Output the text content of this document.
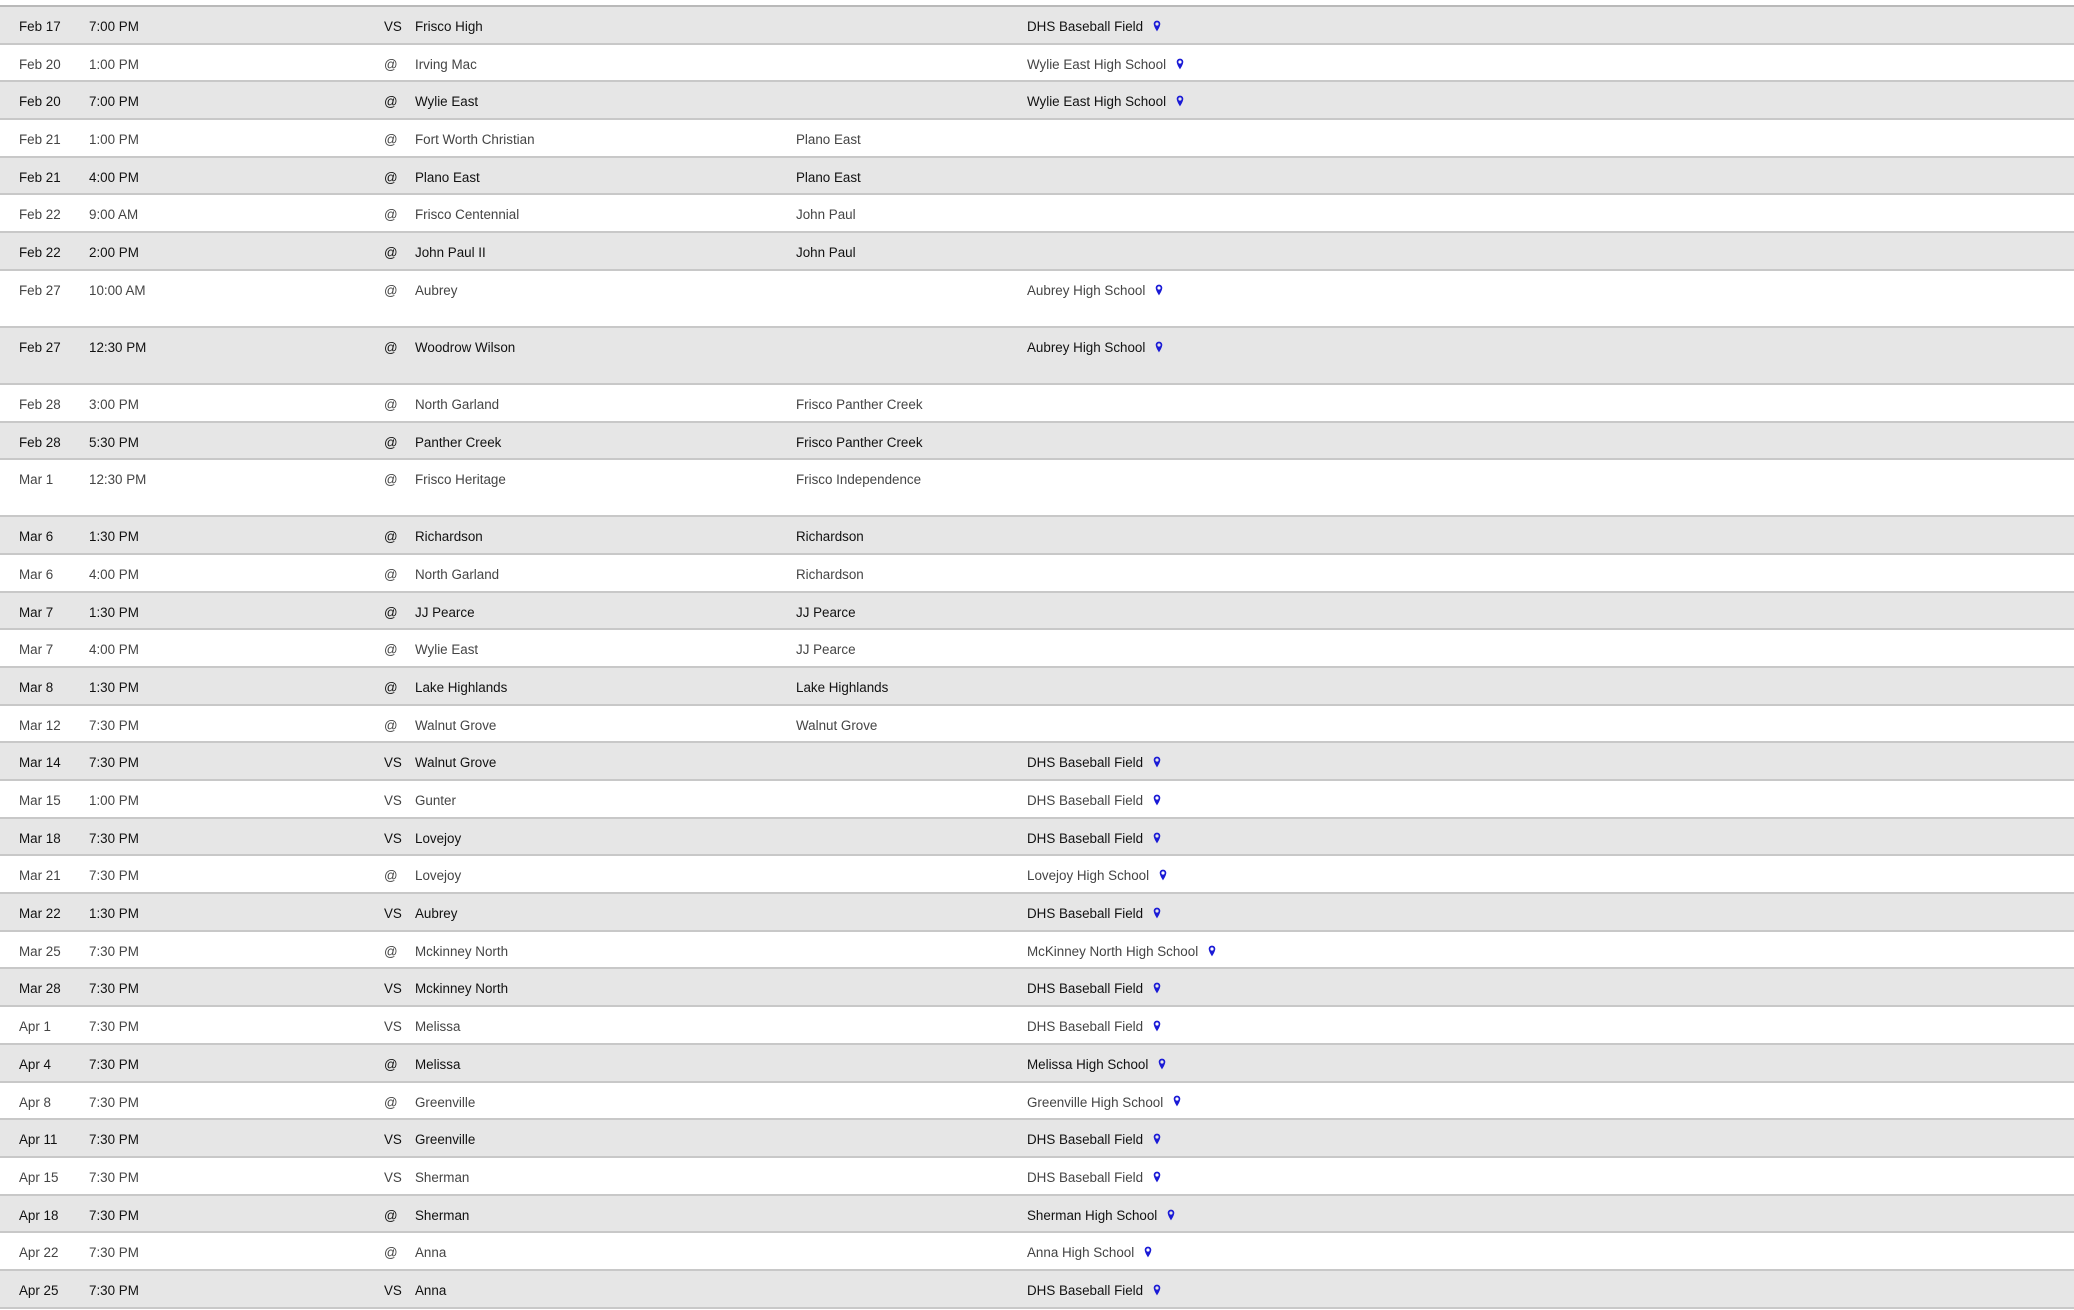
Feb 17 7:00 PM	VS Frisco High	DHS Baseball Field
Feb 20 1:00 PM	@ Irving Mac	Wylie East High School
Feb 20 7:00 PM	@ Wylie East	Wylie East High School
Feb 21 1:00 PM	@ Fort Worth Christian	Plano East
Feb 21 4:00 PM	@ Plano East	Plano East
Feb 22 9:00 AM	@ Frisco Centennial	John Paul
Feb 22 2:00 PM	@ John Paul II	John Paul
Feb 27 10:00 AM	@ Aubrey	Aubrey High School
Feb 27 12:30 PM	@ Woodrow Wilson	Aubrey High School
Feb 28 3:00 PM	@ North Garland	Frisco Panther Creek
Feb 28 5:30 PM	@ Panther Creek	Frisco Panther Creek
Mar 1	12:30 PM	@ Frisco Heritage	Frisco Independence
Mar 6	1:30 PM	@ Richardson	Richardson
Mar 6	4:00 PM	@ North Garland	Richardson
Mar 7	1:30 PM	@ JJ Pearce	JJ Pearce
Mar 7	4:00 PM	@ Wylie East	JJ Pearce
Mar 8	1:30 PM	@ Lake Highlands	Lake Highlands
Mar 12 7:30 PM	@ Walnut Grove	Walnut Grove
Mar 14 7:30 PM	VS Walnut Grove	DHS Baseball Field
Mar 15 1:00 PM	VS Gunter	DHS Baseball Field
Mar 18 7:30 PM	VS Lovejoy	DHS Baseball Field
Mar 21 7:30 PM	@ Lovejoy	Lovejoy High School
Mar 22 1:30 PM	VS Aubrey	DHS Baseball Field
Mar 25 7:30 PM	@ Mckinney North	McKinney North High School
Mar 28 7:30 PM	VS Mckinney North	DHS Baseball Field
Apr 1	7:30 PM	VS Melissa	DHS Baseball Field
Apr 4	7:30 PM	@ Melissa	Melissa High School
Apr 8	7:30 PM	@ Greenville	Greenville High School
Apr 11 7:30 PM	VS Greenville	DHS Baseball Field
Apr 15 7:30 PM	VS Sherman	DHS Baseball Field
Apr 18 7:30 PM	@ Sherman	Sherman High School
Apr 22 7:30 PM	@ Anna	Anna High School
Apr 25 7:30 PM	VS Anna	DHS Baseball Field
